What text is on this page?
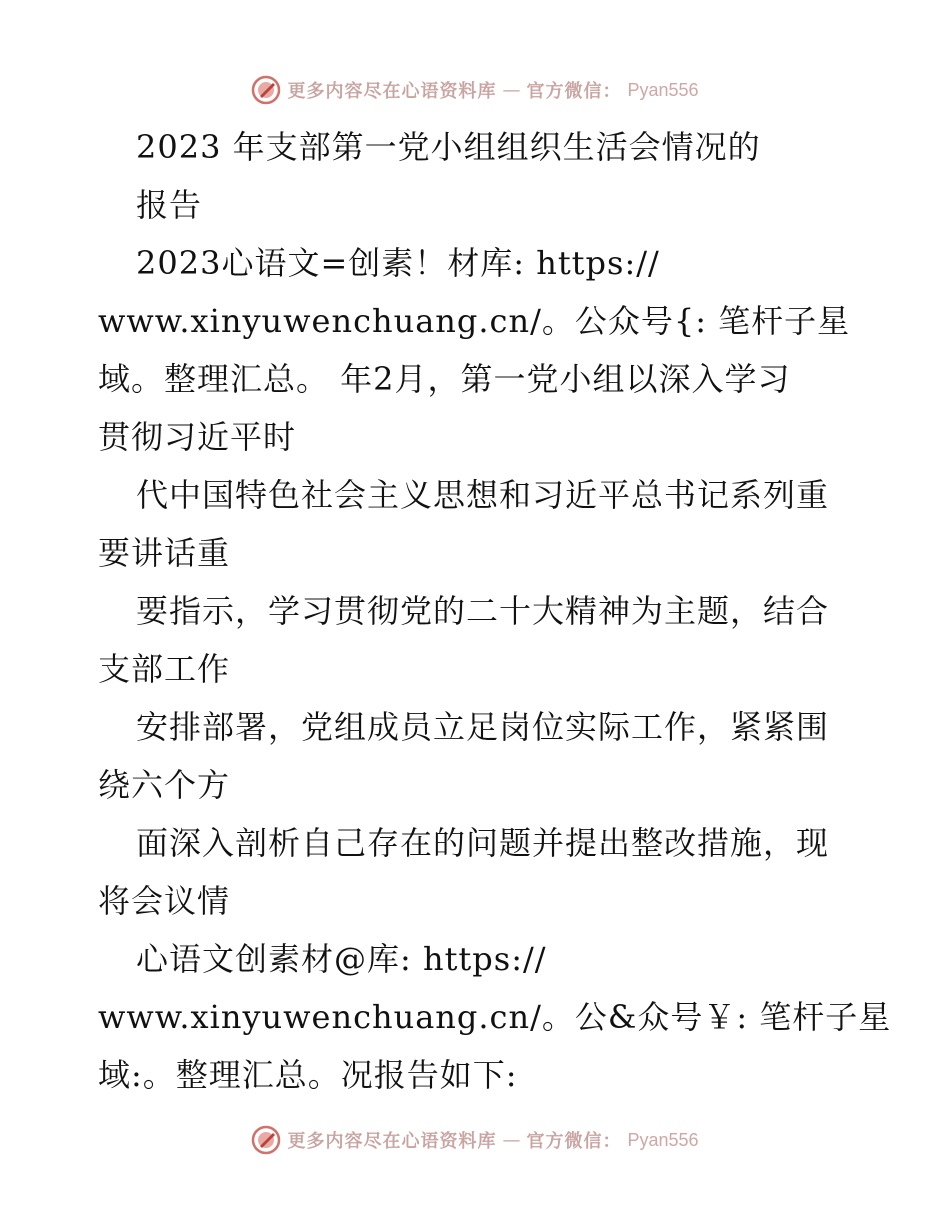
更多内容尽在心语资料库 — 官方微信： Pyan556
2023 年支部第一党小组组织生活会情况的
报告
2023心语文=创素！材库: https://
www.xinyuwenchuang.cn/。公众号{: 笔杆子星
域。整理汇总。 年2月，第一党小组以深入学习
贯彻习近平时
代中国特色社会主义思想和习近平总书记系列重
要讲话重
要指示，学习贯彻党的二十大精神为主题，结合
支部工作
安排部署，党组成员立足岗位实际工作，紧紧围
绕六个方
面深入剖析自己存在的问题并提出整改措施，现
将会议情
心语文创素材@库: https://
www.xinyuwenchuang.cn/。公&众号￥: 笔杆子星
域:。整理汇总。况报告如下:
更多内容尽在心语资料库 — 官方微信： Pyan556
